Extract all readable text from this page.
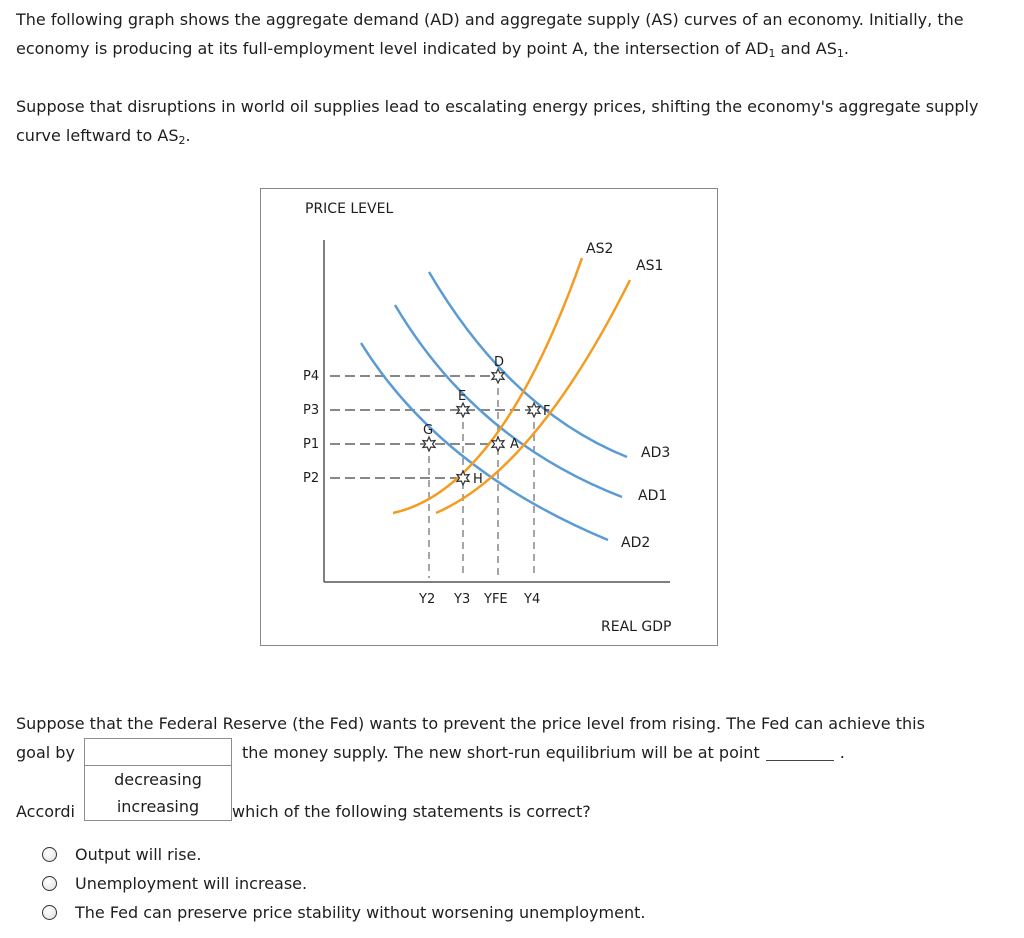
The following graph shows the aggregate demand (AD) and aggregate supply (AS) curves of an economy. Initially, the economy is producing at its full-employment level indicated by point A, the intersection of $AD_1$ and $AS_1$.
Suppose that disruptions in world oil supplies lead to escalating energy prices, shifting the economy's aggregate supply curve leftward to $AS_2$.
PRICE LEVEL
REAL GDP
AS2
AS1
AD3
AD1
AD2
P4
P3
P1
P2
Y2 Y3 YFE Y4
D
E
F
G
A
H
Suppose that the Federal Reserve (the Fed) wants to prevent the price level from rising. The Fed can achieve this
goal by	the money supply. The new short-run equilibrium will be at point	.
Accordi	which of the following statements is correct?
decreasing
increasing
Output will rise.
Unemployment will increase.
The Fed can preserve price stability without worsening unemployment.
